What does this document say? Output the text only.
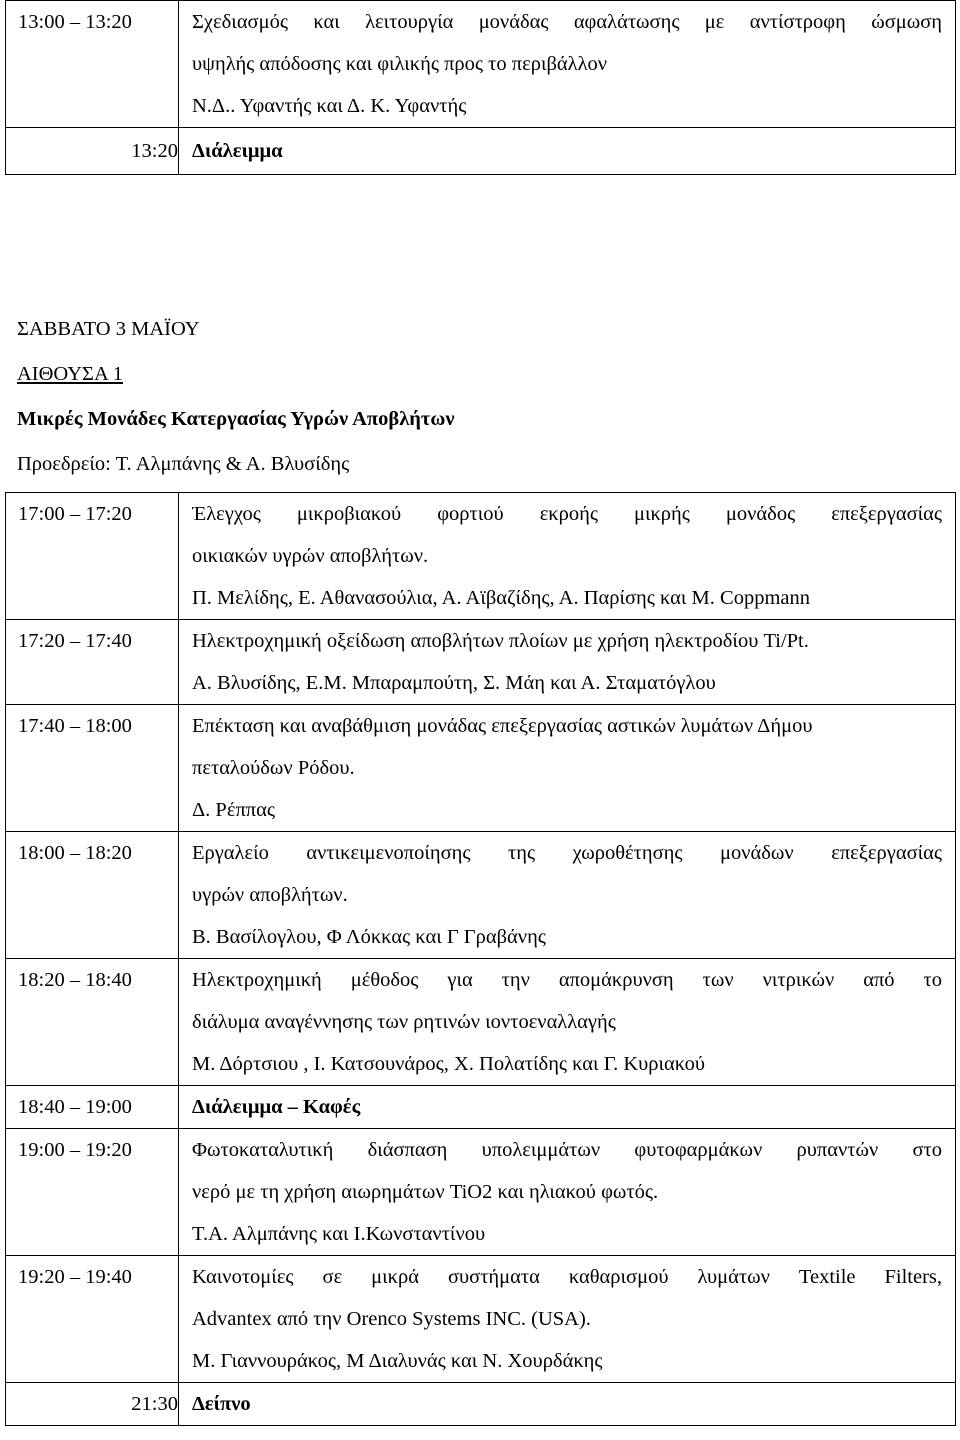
13:00 – 13:20	Σχεδιασμός και λειτουργία μονάδας αφαλάτωσης με αντίστροφη ώσμωση
υψηλής απόδοσης και φιλικής προς το περιβάλλον
Ν.Δ.. Υφαντής και Δ. Κ. Υφαντής

13:20	Διάλειμμα
ΣΑΒΒΑΤΟ 3 ΜΑΪΟΥ
ΑΙΘΟΥΣΑ 1
Μικρές Μονάδες Κατεργασίας Υγρών Αποβλήτων
Προεδρείο: Τ. Αλμπάνης & Α. Βλυσίδης
17:00 – 17:20	Έλεγχος μικροβιακού φορτιού εκροής μικρής μονάδος επεξεργασίας
οικιακών υγρών αποβλήτων.
Π. Μελίδης, Ε. Αθανασούλια, Α. Αϊβαζίδης, Α. Παρίσης και Μ. Coppmann

17:20 – 17:40	Ηλεκτροχημική οξείδωση αποβλήτων πλοίων με χρήση ηλεκτροδίου Ti/Pt.
Α. Βλυσίδης, Ε.Μ. Μπαραμπούτη, Σ. Μάη και Α. Σταματόγλου

17:40 – 18:00	Επέκταση και αναβάθμιση μονάδας επεξεργασίας αστικών λυμάτων Δήμου
πεταλούδων Ρόδου.
Δ. Ρέππας

18:00 – 18:20	Εργαλείο αντικειμενοποίησης της χωροθέτησης μονάδων επεξεργασίας
υγρών αποβλήτων.
Β. Βασίλογλου, Φ Λόκκας και Γ Γραβάνης

18:20 – 18:40	Ηλεκτροχημική μέθοδος για την απομάκρυνση των νιτρικών από το
διάλυμα αναγέννησης των ρητινών ιοντοεναλλαγής
Μ. Δόρτσιου , Ι. Κατσουνάρος, Χ. Πολατίδης και Γ. Κυριακού

18:40 – 19:00	Διάλειμμα – Καφές

19:00 – 19:20	Φωτοκαταλυτική διάσπαση υπολειμμάτων φυτοφαρμάκων ρυπαντών στο
νερό με τη χρήση αιωρημάτων TiO2 και ηλιακού φωτός.
Τ.Α. Αλμπάνης και Ι.Κωνσταντίνου

19:20 – 19:40	Καινοτομίες σε μικρά συστήματα καθαρισμού λυμάτων Textile Filters,
Advantex από την Orenco Systems INC. (USA).
Μ. Γιαννουράκος, Μ Διαλυνάς και Ν. Χουρδάκης

21:30	Δείπνο
